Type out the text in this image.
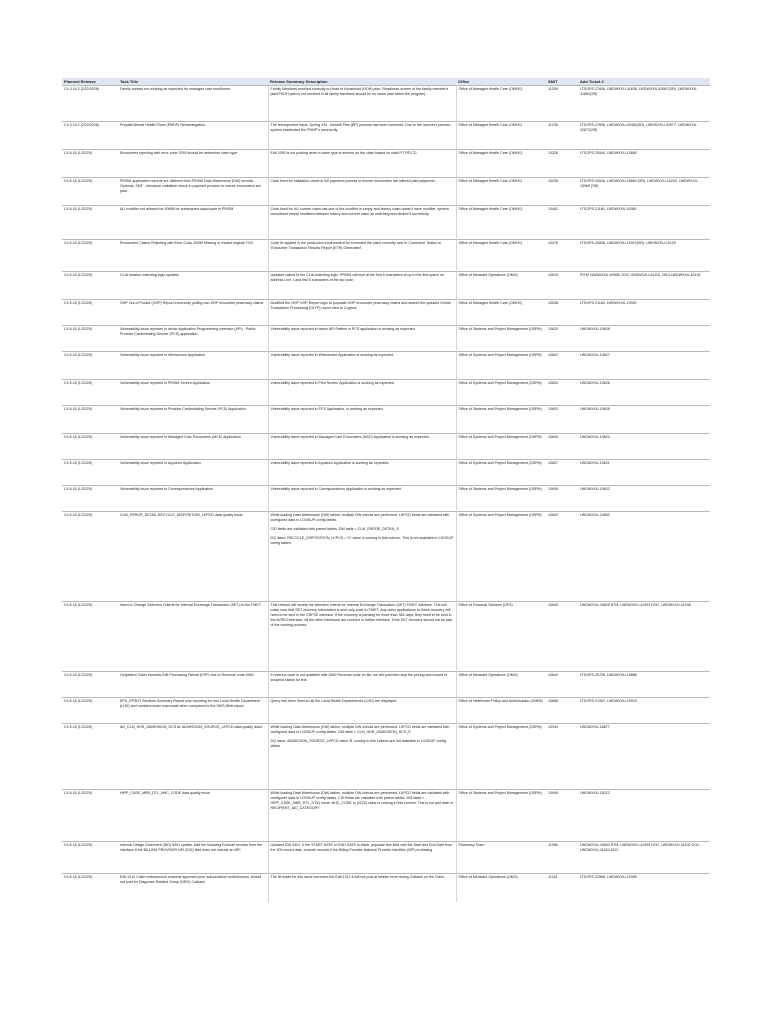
Planned Release	Task Title	Release Summary Description	Office	SMIT	Add Ticket #
C4 3.16.2 (2/22/2026)	Family contact not working as expected for managed care enrollment	Family Members enrolled correctly to Head of Household (HOH) plan. Readiness screen of the family member's plan/PHOH plan is not enrolled in all family members should be on same plan within the program).	Office of Managed Health Care (OMHC)	11206	LTSOPS-27846, LWDWXXU-41636, LWDWXXU-42667(SR), LWDWXXU-41881(SR)
C4 3.16.2 (2/22/2026)	Prepaid Mental Health Plans (PMHP) Reinvestigation	The retrospective issue, During 934 - Benefit Plan (BP) process has been corrected. Due to the incorrect process system inactivated the PMHP's incorrectly.	Office of Managed Health Care (OMHC)	11236	LTSOPS-27696, LWDWXXU-42482(SR), LWDWXXU-42977, LWDWXXU-42872(SR)
C4 6.18 (1/22/25)	Encounters rejecting with error code 2093 should be determine claim type.	Edit 2093 is not posting when a claim type is derived on the claim based on valid PT RP-CD.	Office of Managed Health Care (OMHC)	10328	LTSOPS-20540, LWDWXXU-13680
C4 6.18 (1/22/25)	PRISM application records are different than PRISM Data Warehouse (DW) records - Optional. SMF - Introduce validation check in payment process to ensure encounters are paid.	Code fixed for validation check in full payment process to ensure encounters are without paid payments.	Office of Managed Health Care (OMHC)	10206	LTSOPS-20646, LWDWXXU-18864 (SR), LWDWXXU-16243, LWDWXXU-13969 (SR)
C4 6.18 (1/22/25)	ALI modifier not allowed for 90898 for subsequent days/cycle in PRISM	Code fixed for ALI current claim has one of the modifier is empty and history claim doesn't have modifier, system considered empty modifiers between history and current claim as matching and denied it incorrectly.	Office of Managed Health Care (OMHC)	10462	LTSOPS-21161, LWDWXXU-19380
C4 6.18 (1/22/25)	Encounters Claims Rejecting with Error Code 20090 Missing or Invalid original TCN	Code fix applied in the production environment for corrected the claim correctly and 'In Correction' Status to 'Encounter Transaction Results Report (ETR) Generated'.	Office of Managed Health Care (OMHC)	10476	LTSOPS-20838, LWDWXXU-19010(SR), LWDWXXU-19120
C4 6.18 (1/22/25)	CLIA location matching logic updates	Updated claims to the CLIA matching logic. PRISM will look at the first 5 characters of up to the first space on address Line 1 and first 5 characters of the zip code.	Office of Medicaid Operations (OMO)	10615	RITM LWDWXXU-40998, DOC LWDWXXU-43118, 2914 LWDWXXU-43134
C4 6.18 (1/22/25)	OHP Out of Pocket (OOP) Report incorrectly pulling non-OHP encounter pharmacy claims	Modified the OHP OOP Report logic to populate OHP encounter pharmacy claims and shared the updated Online Transaction Processing (OLTP) report view to Cognos.	Office of Managed Health Care (OMHC)	10538	LTSOPS-21160, LWDWXXU-19359
C4 6.18 (1/22/25)	Vulnerability issue reported in below Application Programming Interface (API) - Public Provider Credentialing Service (PCS) application.	Vulnerability issue reported in below API Pattern in PCS application is working as expected.	Office of Systems and Project Management (OSPM)	10620	LWDWXXU-19828
C4 6.18 (1/22/25)	Vulnerability issue reported in Wireservice Application	Vulnerability issue reported in Wireservice Application is working as expected.	Office of Systems and Project Management (OSPM)	10602	LWDWXXU-19827
C4 6.18 (1/22/25)	Vulnerability issue reported in PRISM Screen Application	Vulnerability issue reported in Print Screen Application is working as expected.	Office of Systems and Project Management (OSPM)	10603	LWDWXXU-19826
C4 6.18 (1/22/25)	Vulnerability issue reported in Provider Credentialing Service (PCS) Application	Vulnerability issue reported in PCS Application, is working as expected.	Office of Systems and Project Management (OSPM)	10603	LWDWXXU-19825
C4 6.18 (1/22/25)	Vulnerability issue reported in Managed Care Encounters (MCE) Application	Vulnerability issue reported in Managed Care Encounters (MCE) Application is working as expected.	Office of Systems and Project Management (OSPM)	10606	LWDWXXU-19824
C4 6.18 (1/22/25)	Vulnerability issue reported in Appstore Application	Vulnerability issue reported in Appstore Application is working as expected.	Office of Systems and Project Management (OSPM)	10607	LWDWXXU-19821
C4 6.18 (1/22/25)	Vulnerability issue reported in Correspondence Application	Vulnerability issue reported in Correspondence Application is working as expected	Office of Systems and Project Management (OSPM)	10606	LWDWXXU-19822
C4 6.18 (1/22/25)	CLM_ERROR_DETAIL RECYCLE_DISPOSITION_LKPCD data quality issue	While loading Data Warehouse (DW) tables, multiple DW checks are performed. LKPCD fields are validated with configured data in LOOKUP config tables.
CID fields are validated with parent tables. DW table = CLM_ERROR_DETAIL_S
DQ issue: RECYCLE_DISPOSITION_LKPCD = 'D' value is coming in this column. This is not available in LOOKUP config tables.	Office of Systems and Project Management (OSPM)	10632	LWDWXXU-19800
C4 6.18 (1/22/25)	Need to Change Selection Criteria for Internal Exchange Transaction (SET) to the FHIET	This release will modify the selection criteria for Internal Exchange Transaction (SET) FHIET interface. This will make sure that SET recovery information is sent only once to FHIET. Any claim applications to these recovery will need to be sent in the CRFSE interface. If the recovery is pending for more than 364 days, they need to be sent in the AVSE3 interface. All the other interfaces are covered in further interface, if the SET recovery should not be part of the existing process.	Office of Financial Services (OFS)	10649	LWDWXXU-44825 RTM, LWDWXXU-41093 DOC, LWDWXXU-41038
C4 6.18 (1/22/25)	Outpatient Claim exceeds Edit Processing Failure (EPF) due to Revenue code 0460.	If revenue code is not available with 2690 Revenue code on file, we will post then skip the pricing and moved to suspend status for line.	Office of Medicaid Operations (OMO)	10640	LTSOPS-20735, LWDWXXU-19886
C4 6.18 (1/22/25)	EPS_EPSDT Services Summary Report only reporting for one Local Health Department (LHD) and numbers seem inaccurate when compared to the OMS-Web report	Query has been fixed so all the Local Health Department's (LHD) are displayed.	Office of Healthcare Policy and Authorization (OHPA)	10666	LTSOPS-21502, LWDWXXU-19929
C4 6.18 (1/22/25)	AD_CLM_HDR_ADMISSION_DCS AL ADMISSION_SOURCE_LKPCD data quality issue	While loading Data Warehouse (DW) tables, multiple DW checks are performed. LKPCD fields are validated with configured data in LOOKUP config tables. DW table = CLM_HDR_ADMISSION_DCS_S
DQ issue: ADMISSION_SOURCE_LKPCD value 'B' coming in this column are not available in LOOKUP config tables.	Office of Systems and Project Management (OSPM)	10944	LWDWXXU-18877
C4 6.18 (1/22/25)	HIPP_CASE_MBR_DTL_NHC_CODE data quality issue	While loading Data Warehouse (DW) tables, multiple DW checks are performed. LKPCD fields are validated with configured data in LOOKUP config tables. CID fields are validated with parent tables. DW table = HIPP_CASE_MBR_DTL_S DQ issue: NHC_CODE in (0222) value is coming in this column. This is not and date in RECIPIENT_AID_CATEGORY	Office of Systems and Project Management (OSPM)	10946	LWDWXXU-18222
C4 6.18 (1/22/25)	Internal Design Document (IDD) 5401 update, Add the following Exclude records from the interface if the BILLING PROVIDER NPI (IDD) field does not include an NPI	Updated IDD 5401. If the START DATE or END DATE is blank, populate this field with the Start and End Date from the 300 record date, exclude records if the Billing Provider National Provider Identifier (NPI) is missing.	Pharmacy Team	11056	LWDWXXU-44833 RTM, LWDWXXU-41095 DOC, LWDWXXU-41100 DOC, LWDWXXU-41624 DOC
C4 6.18 (1/22/25)	Edit 1312 Claim units/amount exceeds approved prior authorization units/amount, should not post for Diagnosis Related Group (DRG) Cutback	The fix made for this issue corrected the Edit 1312 it will not post at header level during Cutback on the Claim.	Office of Medicaid Operations (OMO)	11116	LTSOPS-22566, LWDWXXU-19359
